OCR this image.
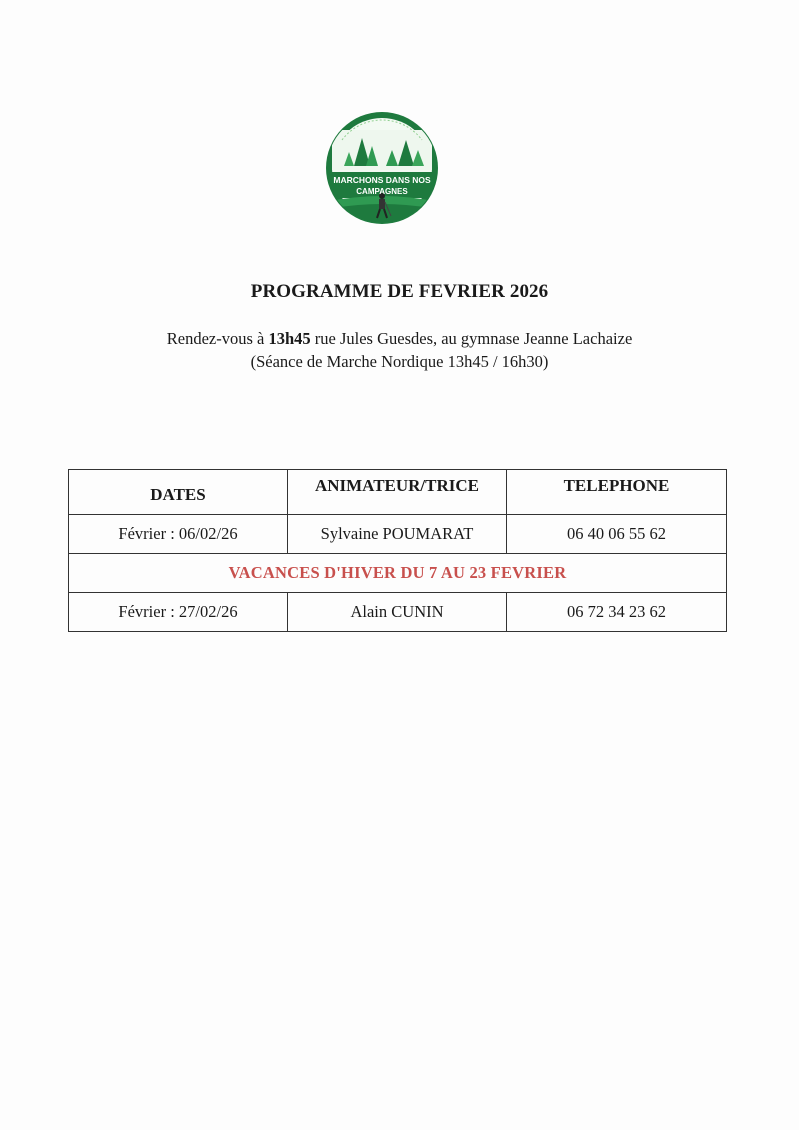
MARCHONS DANS NOS
CAMPAGNES
PROGRAMME DE FEVRIER 2026
Rendez-vous à 13h45 rue Jules Guesdes, au gymnase Jeanne Lachaize
(Séance de Marche Nordique 13h45 / 16h30)
DATES	ANIMATEUR/TRICE	TELEPHONE
Février : 06/02/26	Sylvaine POUMARAT	06 40 06 55 62
VACANCES D'HIVER DU 7 AU 23 FEVRIER		
Février : 27/02/26	Alain CUNIN	06 72 34 23 62
